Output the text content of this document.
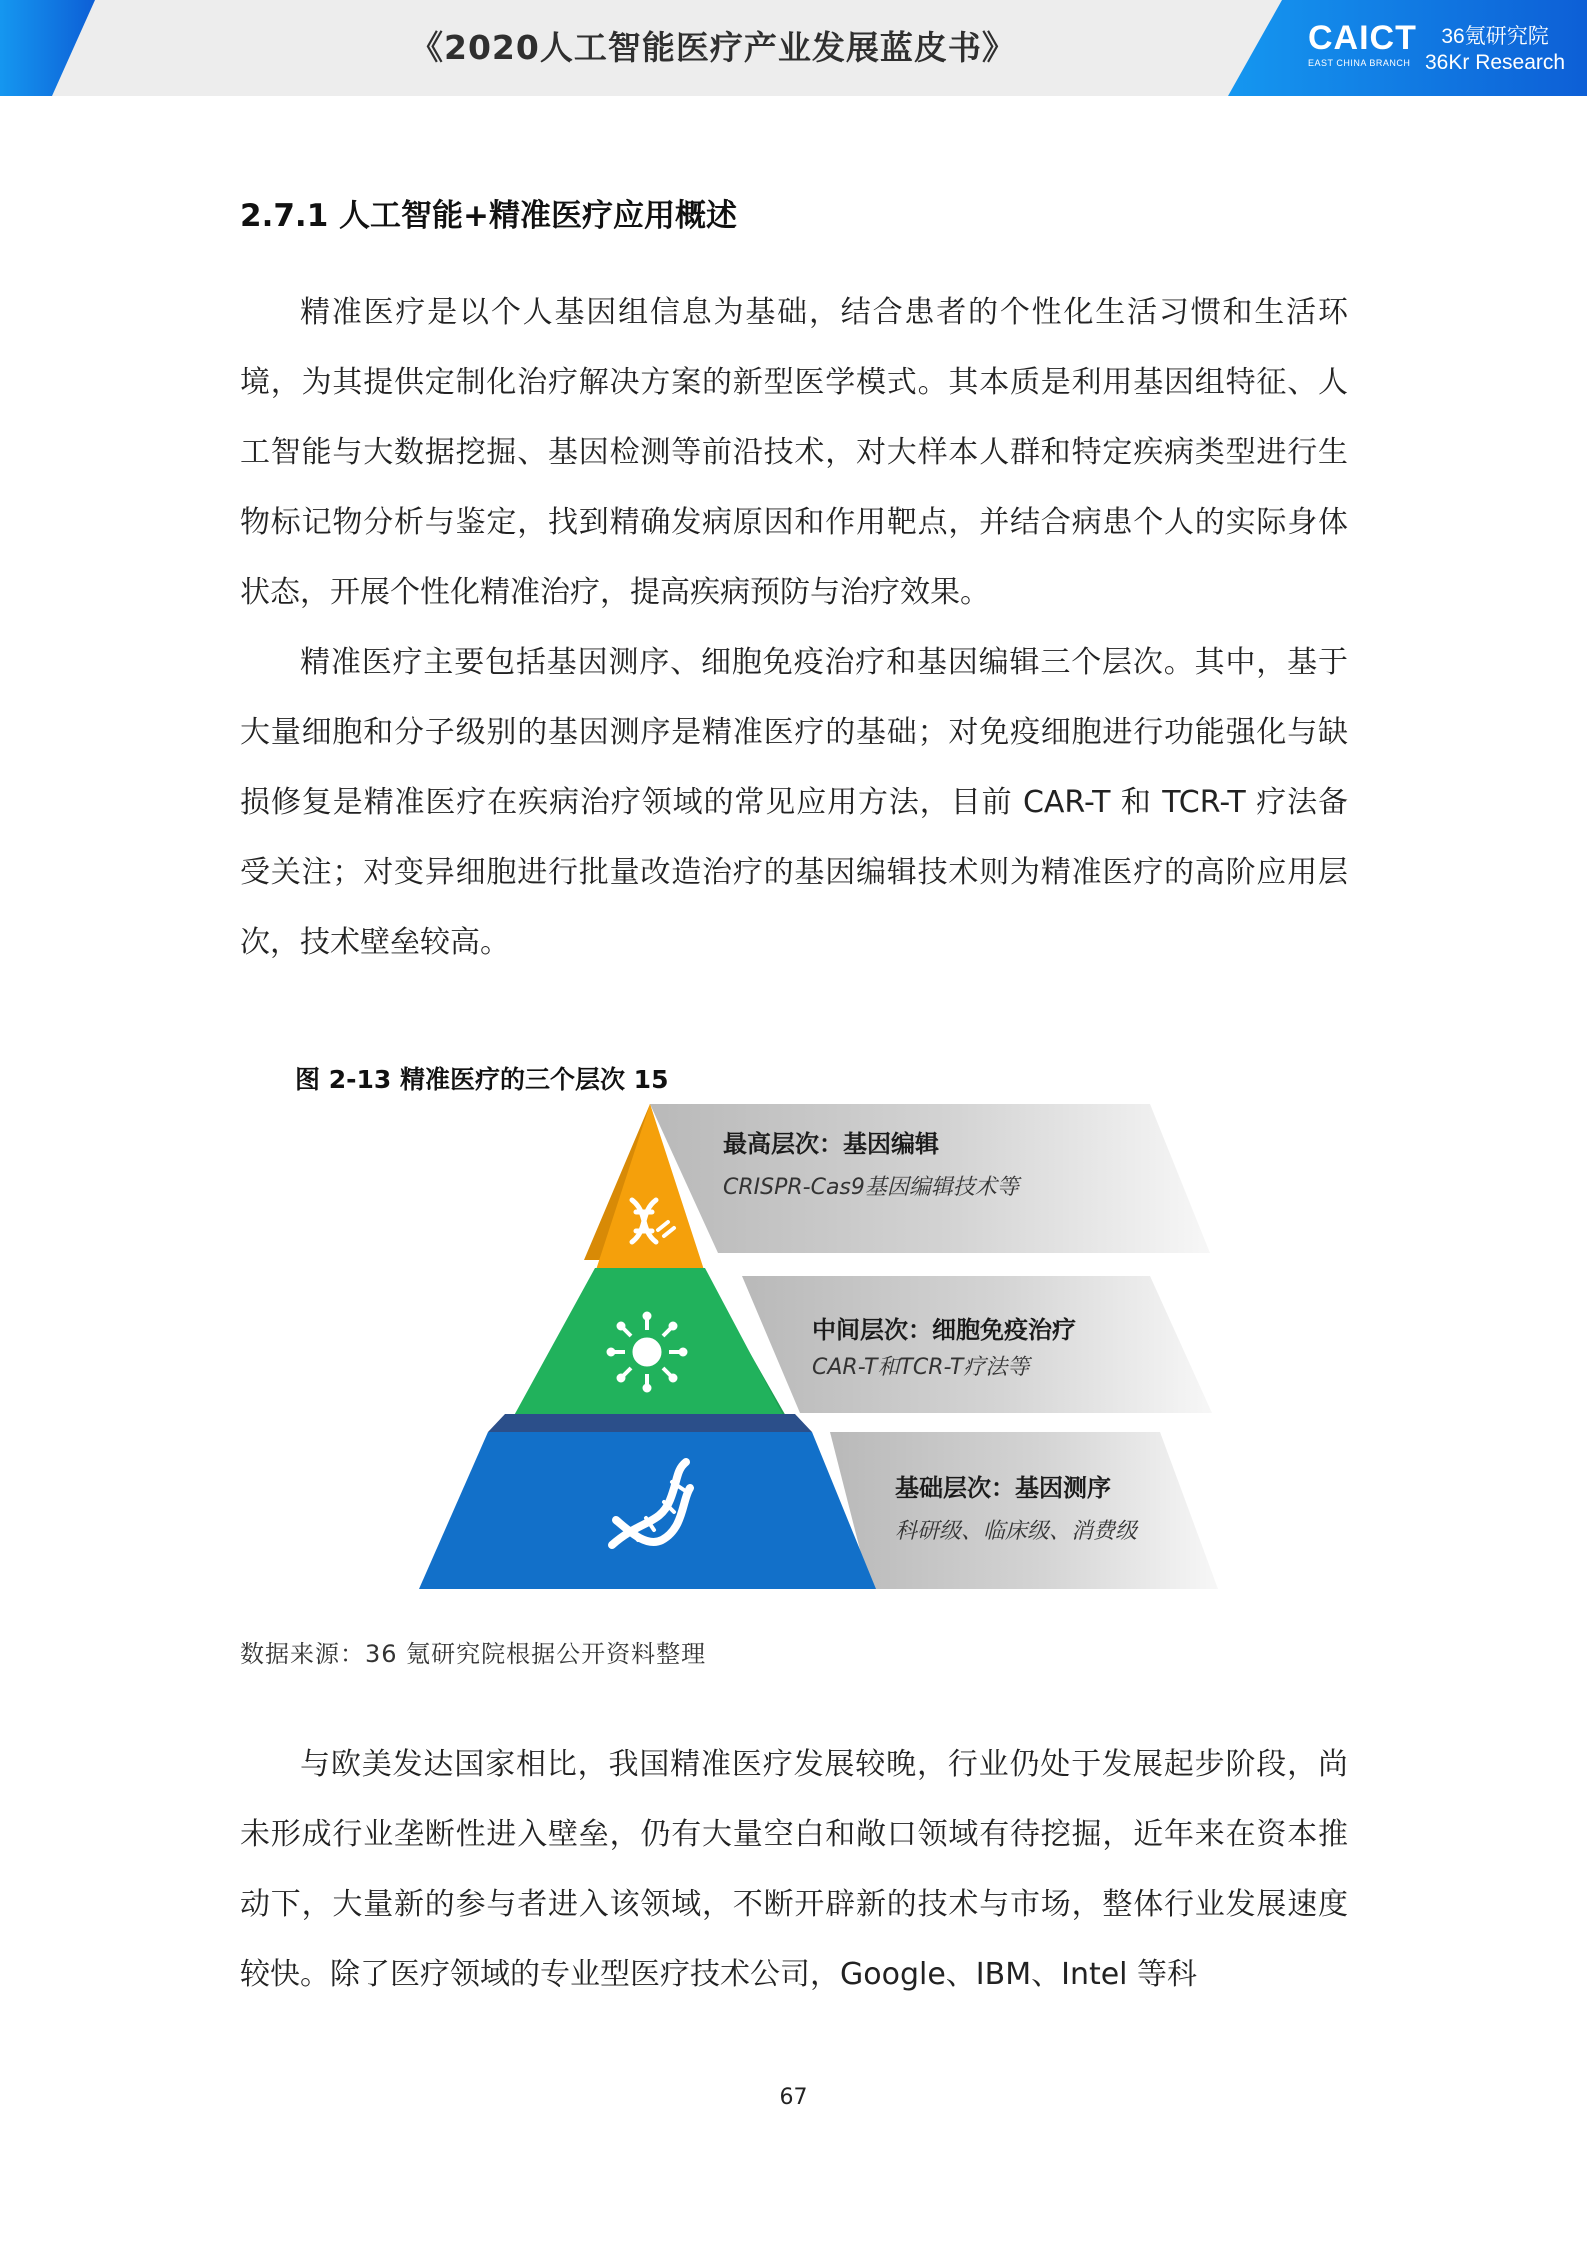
《2020人工智能医疗产业发展蓝皮书》	CAICT
EAST CHINA BRANCH
36氪研究院
36Kr Research
2.7.1 人工智能+精准医疗应用概述

精准医疗是以个人基因组信息为基础，结合患者的个性化生活习惯和生活环境，为其提供定制化治疗解决方案的新型医学模式。其本质是利用基因组特征、人工智能与大数据挖掘、基因检测等前沿技术，对大样本人群和特定疾病类型进行生物标记物分析与鉴定，找到精确发病原因和作用靶点，并结合病患个人的实际身体状态，开展个性化精准治疗，提高疾病预防与治疗效果。

精准医疗主要包括基因测序、细胞免疫治疗和基因编辑三个层次。其中，基于大量细胞和分子级别的基因测序是精准医疗的基础；对免疫细胞进行功能强化与缺损修复是精准医疗在疾病治疗领域的常见应用方法，目前 CAR-T 和 TCR-T 疗法备受关注；对变异细胞进行批量改造治疗的基因编辑技术则为精准医疗的高阶应用层次，技术壁垒较高。

图 2-13 精准医疗的三个层次 15
最高层次：基因编辑
CRISPR-Cas9基因编辑技术等
中间层次：细胞免疫治疗
CAR-T和TCR-T疗法等
基础层次：基因测序
科研级、临床级、消费级
数据来源：36 氪研究院根据公开资料整理

与欧美发达国家相比，我国精准医疗发展较晚，行业仍处于发展起步阶段，尚未形成行业垄断性进入壁垒，仍有大量空白和敞口领域有待挖掘，近年来在资本推动下，大量新的参与者进入该领域，不断开辟新的技术与市场，整体行业发展速度较快。除了医疗领域的专业型医疗技术公司，Google、IBM、Intel 等科

67
